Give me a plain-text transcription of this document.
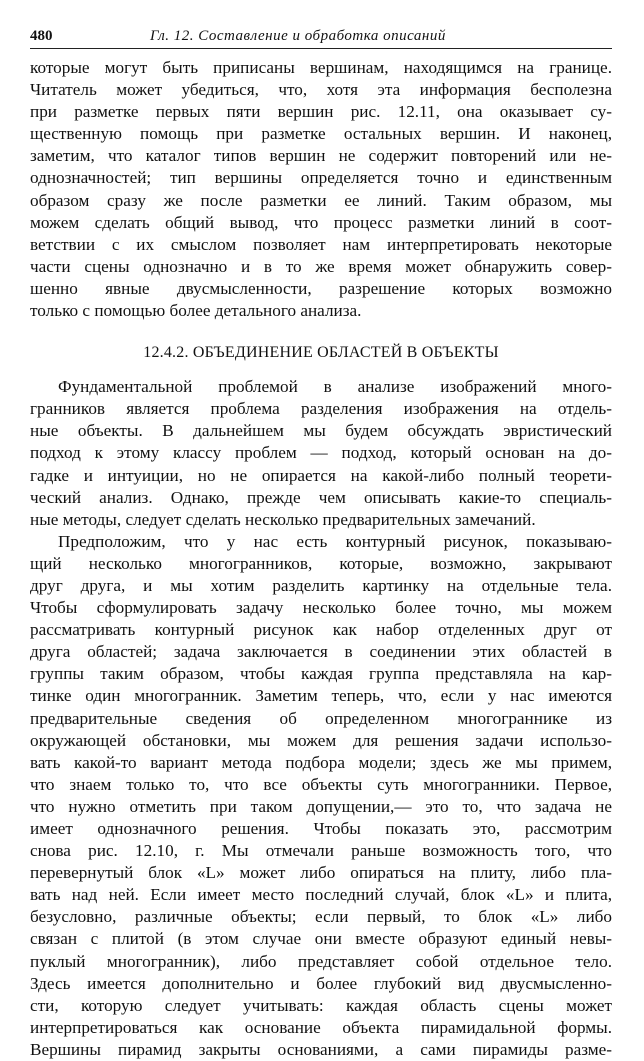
480	Гл. 12. Составление и обработка описаний
которые могут быть приписаны вершинам, находящимся на границе.
Читатель может убедиться, что, хотя эта информация бесполезна
при разметке первых пяти вершин рис. 12.11, она оказывает су-
щественную помощь при разметке остальных вершин. И наконец,
заметим, что каталог типов вершин не содержит повторений или не-
однозначностей; тип вершины определяется точно и единственным
образом сразу же после разметки ее линий. Таким образом, мы
можем сделать общий вывод, что процесс разметки линий в соот-
ветствии с их смыслом позволяет нам интерпретировать некоторые
части сцены однозначно и в то же время может обнаружить совер-
шенно явные двусмысленности, разрешение которых возможно
только с помощью более детального анализа.
12.4.2. ОБЪЕДИНЕНИЕ ОБЛАСТЕЙ В ОБЪЕКТЫ
Фундаментальной проблемой в анализе изображений много-
гранников является проблема разделения изображения на отдель-
ные объекты. В дальнейшем мы будем обсуждать эвристический
подход к этому классу проблем — подход, который основан на до-
гадке и интуиции, но не опирается на какой-либо полный теорети-
ческий анализ. Однако, прежде чем описывать какие-то специаль-
ные методы, следует сделать несколько предварительных замечаний.
Предположим, что у нас есть контурный рисунок, показываю-
щий несколько многогранников, которые, возможно, закрывают
друг друга, и мы хотим разделить картинку на отдельные тела.
Чтобы сформулировать задачу несколько более точно, мы можем
рассматривать контурный рисунок как набор отделенных друг от
друга областей; задача заключается в соединении этих областей в
группы таким образом, чтобы каждая группа представляла на кар-
тинке один многогранник. Заметим теперь, что, если у нас имеются
предварительные сведения об определенном многограннике из
окружающей обстановки, мы можем для решения задачи использо-
вать какой-то вариант метода подбора модели; здесь же мы примем,
что знаем только то, что все объекты суть многогранники. Первое,
что нужно отметить при таком допущении,— это то, что задача не
имеет однозначного решения. Чтобы показать это, рассмотрим
снова рис. 12.10, г. Мы отмечали раньше возможность того, что
перевернутый блок «L» может либо опираться на плиту, либо пла-
вать над ней. Если имеет место последний случай, блок «L» и плита,
безусловно, различные объекты; если первый, то блок «L» либо
связан с плитой (в этом случае они вместе образуют единый невы-
пуклый многогранник), либо представляет собой отдельное тело.
Здесь имеется дополнительно и более глубокий вид двусмысленно-
сти, которую следует учитывать: каждая область сцены может
интерпретироваться как основание объекта пирамидальной формы.
Вершины пирамид закрыты основаниями, а сами пирамиды разме-
